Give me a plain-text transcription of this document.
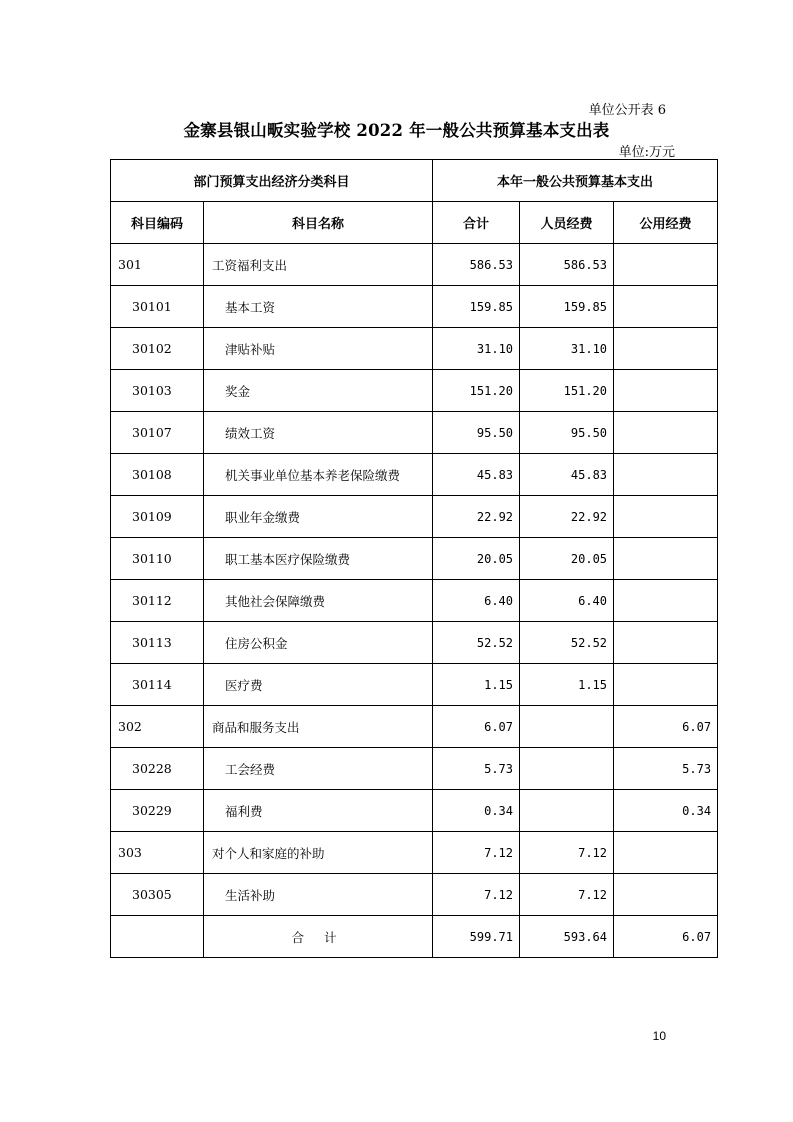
单位公开表 6
金寨县银山畈实验学校 2022 年一般公共预算基本支出表
单位:万元
部门预算支出经济分类科目		本年一般公共预算基本支出		
科目编码	科目名称	合计	人员经费	公用经费
301	工资福利支出	586.53	586.53	
30101	基本工资	159.85	159.85	
30102	津贴补贴	31.10	31.10	
30103	奖金	151.20	151.20	
30107	绩效工资	95.50	95.50	
30108	机关事业单位基本养老保险缴费	45.83	45.83	
30109	职业年金缴费	22.92	22.92	
30110	职工基本医疗保险缴费	20.05	20.05	
30112	其他社会保障缴费	6.40	6.40	
30113	住房公积金	52.52	52.52	
30114	医疗费	1.15	1.15	
302	商品和服务支出	6.07		6.07
30228	工会经费	5.73		5.73
30229	福利费	0.34		0.34
303	对个人和家庭的补助	7.12	7.12	
30305	生活补助	7.12	7.12	
	合 计	599.71	593.64	6.07
10
